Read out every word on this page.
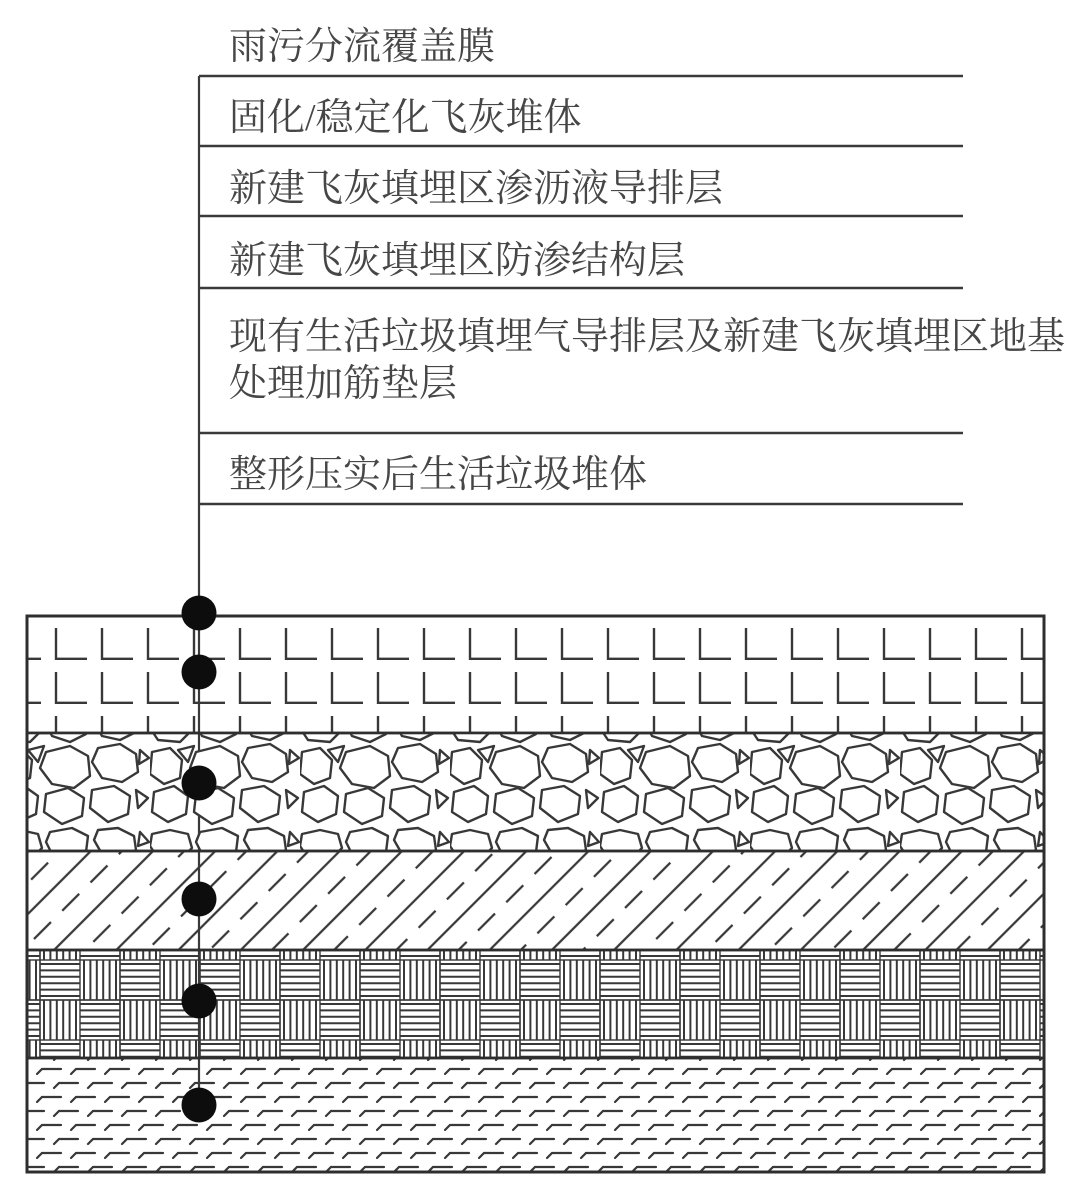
雨污分流覆盖膜
固化/稳定化飞灰堆体
新建飞灰填埋区渗沥液导排层
新建飞灰填埋区防渗结构层
现有生活垃圾填埋气导排层及新建飞灰填埋区地基
处理加筋垫层
整形压实后生活垃圾堆体
